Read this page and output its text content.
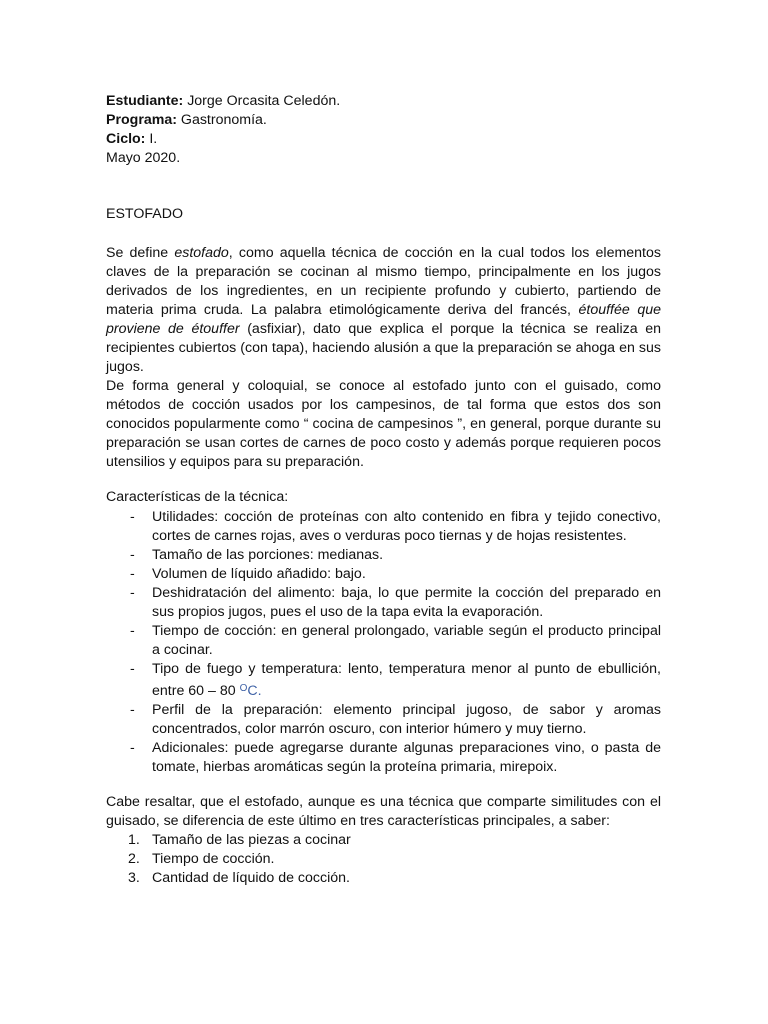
Estudiante: Jorge Orcasita Celedón.

Programa: Gastronomía.

Ciclo: I.

Mayo 2020.

ESTOFADO

Se define estofado, como aquella técnica de cocción en la cual todos los elementos claves de la preparación se cocinan al mismo tiempo, principalmente en los jugos derivados de los ingredientes, en un recipiente profundo y cubierto, partiendo de materia prima cruda. La palabra etimológicamente deriva del francés, étouffée que proviene de étouffer (asfixiar), dato que explica el porque la técnica se realiza en recipientes cubiertos (con tapa), haciendo alusión a que la preparación se ahoga en sus jugos.

De forma general y coloquial, se conoce al estofado junto con el guisado, como métodos de cocción usados por los campesinos, de tal forma que estos dos son conocidos popularmente como “ cocina de campesinos ”, en general, porque durante su preparación se usan cortes de carnes de poco costo y además porque requieren pocos utensilios y equipos para su preparación.

Características de la técnica:

- Utilidades: cocción de proteínas con alto contenido en fibra y tejido conectivo, cortes de carnes rojas, aves o verduras poco tiernas y de hojas resistentes.
- Tamaño de las porciones: medianas.
- Volumen de líquido añadido: bajo.
- Deshidratación del alimento: baja, lo que permite la cocción del preparado en sus propios jugos, pues el uso de la tapa evita la evaporación.
- Tiempo de cocción: en general prolongado, variable según el producto principal a cocinar.
- Tipo de fuego y temperatura: lento, temperatura menor al punto de ebullición, entre 60 – 80 $^O$C.
- Perfil de la preparación: elemento principal jugoso, de sabor y aromas concentrados, color marrón oscuro, con interior húmero y muy tierno.
- Adicionales: puede agregarse durante algunas preparaciones vino, o pasta de tomate, hierbas aromáticas según la proteína primaria, mirepoix.

Cabe resaltar, que el estofado, aunque es una técnica que comparte similitudes con el guisado, se diferencia de este último en tres características principales, a saber:

1. Tamaño de las piezas a cocinar
2. Tiempo de cocción.
3. Cantidad de líquido de cocción.
